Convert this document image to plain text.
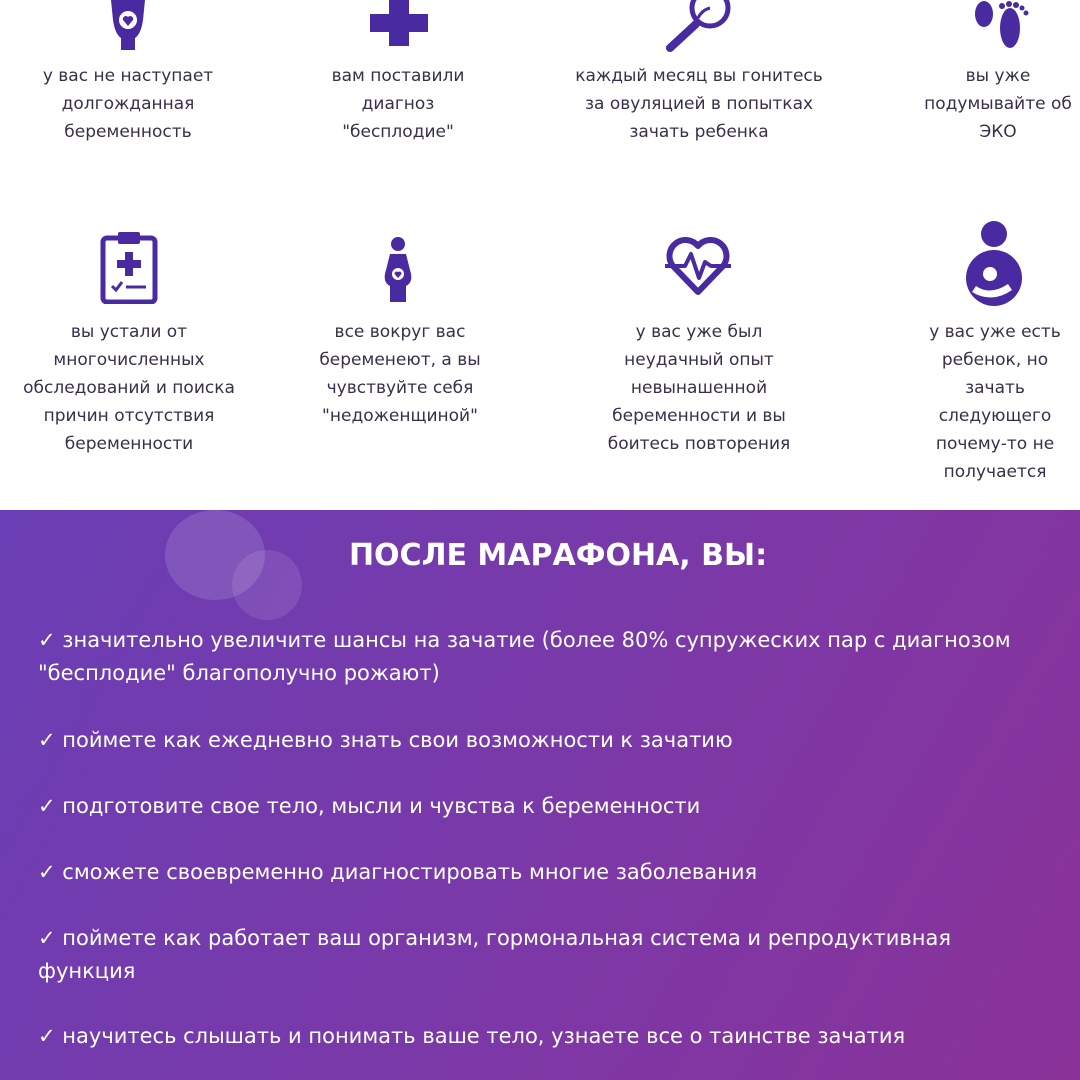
у вас не наступает долгожданная беременность
вам поставили диагноз "бесплодие"
каждый месяц вы гонитесь за овуляцией в попытках зачать ребенка
вы уже подумывайте об ЭКО
вы устали от многочисленных обследований и поиска причин отсутствия беременности
все вокруг вас беременеют, а вы чувствуйте себя "недоженщиной"
у вас уже был неудачный опыт невынашенной беременности и вы боитесь повторения
у вас уже есть ребенок, но зачать следующего почему-то не получается
ПОСЛЕ МАРАФОНА, ВЫ:
✓ значительно увеличите шансы на зачатие (более 80% супружеских пар с диагнозом "бесплодие" благополучно рожают)
✓ поймете как ежедневно знать свои возможности к зачатию
✓ подготовите свое тело, мысли и чувства к беременности
✓ сможете своевременно диагностировать многие заболевания
✓ поймете как работает ваш организм, гормональная система и репродуктивная функция
✓ научитесь слышать и понимать ваше тело, узнаете все о таинстве зачатия
